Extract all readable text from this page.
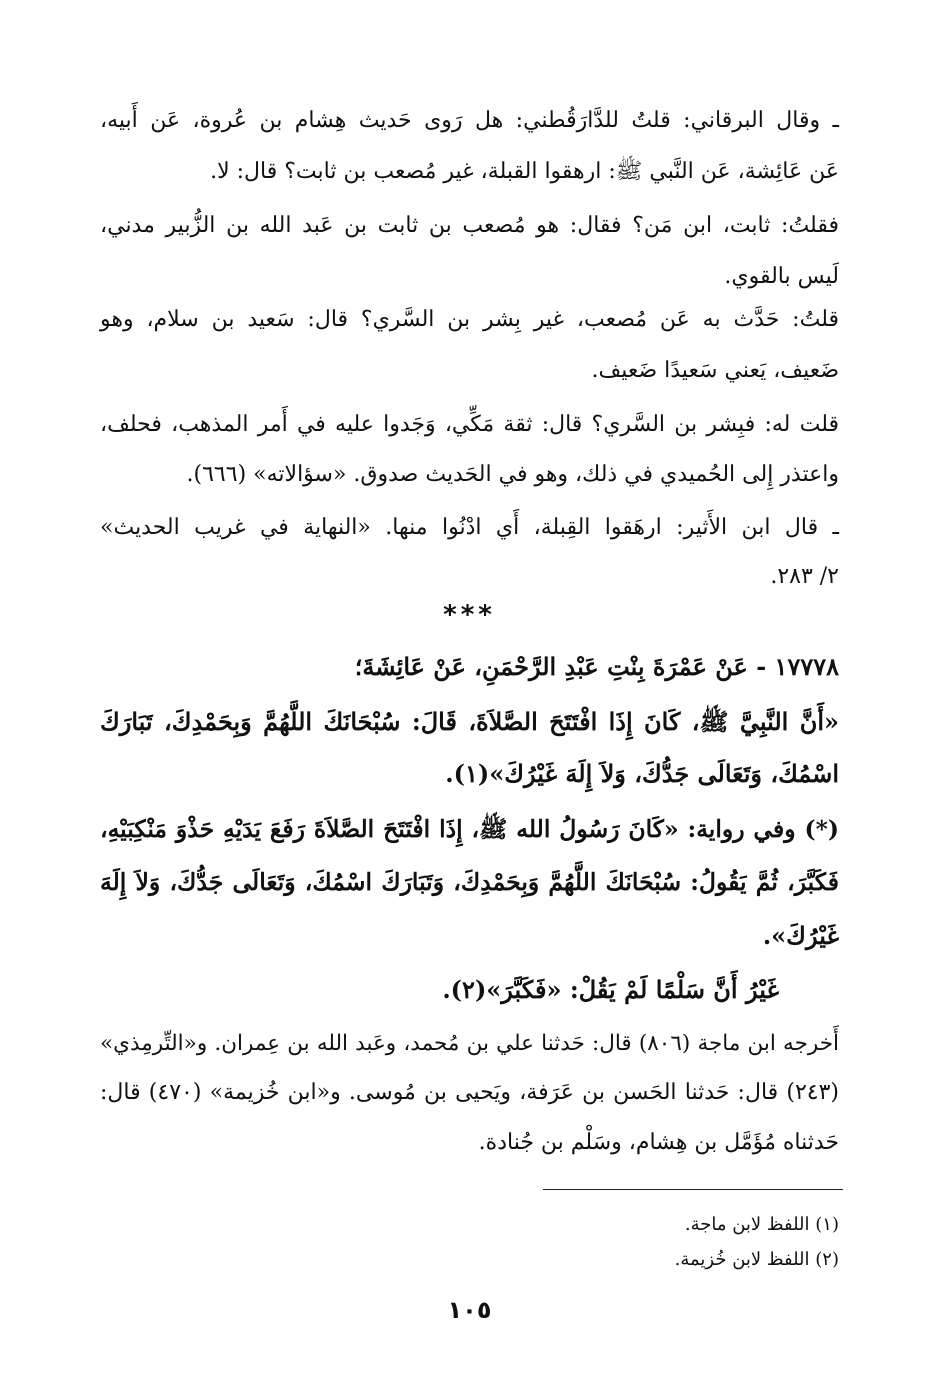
ـ وقال البرقاني: قلتُ للدَّارَقُطني: هل رَوى حَديث هِشام بن عُروة، عَن أَبيه،
عَن عَائِشة، عَن النَّبي ﷺ: ارهقوا القبلة، غير مُصعب بن ثابت؟ قال: لا.
فقلتُ: ثابت، ابن مَن؟ فقال: هو مُصعب بن ثابت بن عَبد الله بن الزُّبير مدني،
لَيس بالقوي.
قلتُ: حَدَّث به عَن مُصعب، غير بِشر بن السَّري؟ قال: سَعيد بن سلام، وهو
ضَعيف، يَعني سَعيدًا ضَعيف.
قلت له: فبِشر بن السَّري؟ قال: ثقة مَكِّي، وَجَدوا عليه في أَمر المذهب، فحلف،
واعتذر إِلى الحُميدي في ذلك، وهو في الحَديث صدوق. «سؤالاته» (٦٦٦).
ـ قال ابن الأَثير: ارهَقوا القِبلة، أَي ادْنُوا منها. «النهاية في غريب الحديث»
٢/ ٢٨٣.
***
١٧٧٧٨ - عَنْ عَمْرَةَ بِنْتِ عَبْدِ الرَّحْمَنِ، عَنْ عَائِشَةَ؛
«أَنَّ النَّبِيَّ ﷺ، كَانَ إِذَا افْتَتَحَ الصَّلاَةَ، قَالَ: سُبْحَانَكَ اللَّهُمَّ وَبِحَمْدِكَ، تَبَارَكَ
اسْمُكَ، وَتَعَالَى جَدُّكَ، وَلاَ إِلَهَ غَيْرُكَ»(١).
(*) وفي رواية: «كَانَ رَسُولُ الله ﷺ، إِذَا افْتَتَحَ الصَّلاَةَ رَفَعَ يَدَيْهِ حَذْوَ مَنْكِبَيْهِ،
فَكَبَّرَ، ثُمَّ يَقُولُ: سُبْحَانَكَ اللَّهُمَّ وَبِحَمْدِكَ، وَتَبَارَكَ اسْمُكَ، وَتَعَالَى جَدُّكَ، وَلاَ إِلَهَ
غَيْرُكَ».
غَيْرُ أَنَّ سَلْمًا لَمْ يَقُلْ: «فَكَبَّرَ»(٢).
أَخرجه ابن ماجة (٨٠٦) قال: حَدثنا علي بن مُحمد، وعَبد الله بن عِمران. و«التِّرمِذي»
(٢٤٣) قال: حَدثنا الحَسن بن عَرَفة، ويَحيى بن مُوسى. و«ابن خُزيمة» (٤٧٠) قال:
حَدثناه مُؤَمَّل بن هِشام، وسَلْم بن جُنادة.
(١) اللفظ لابن ماجة.
(٢) اللفظ لابن خُزيمة.
١٠٥
